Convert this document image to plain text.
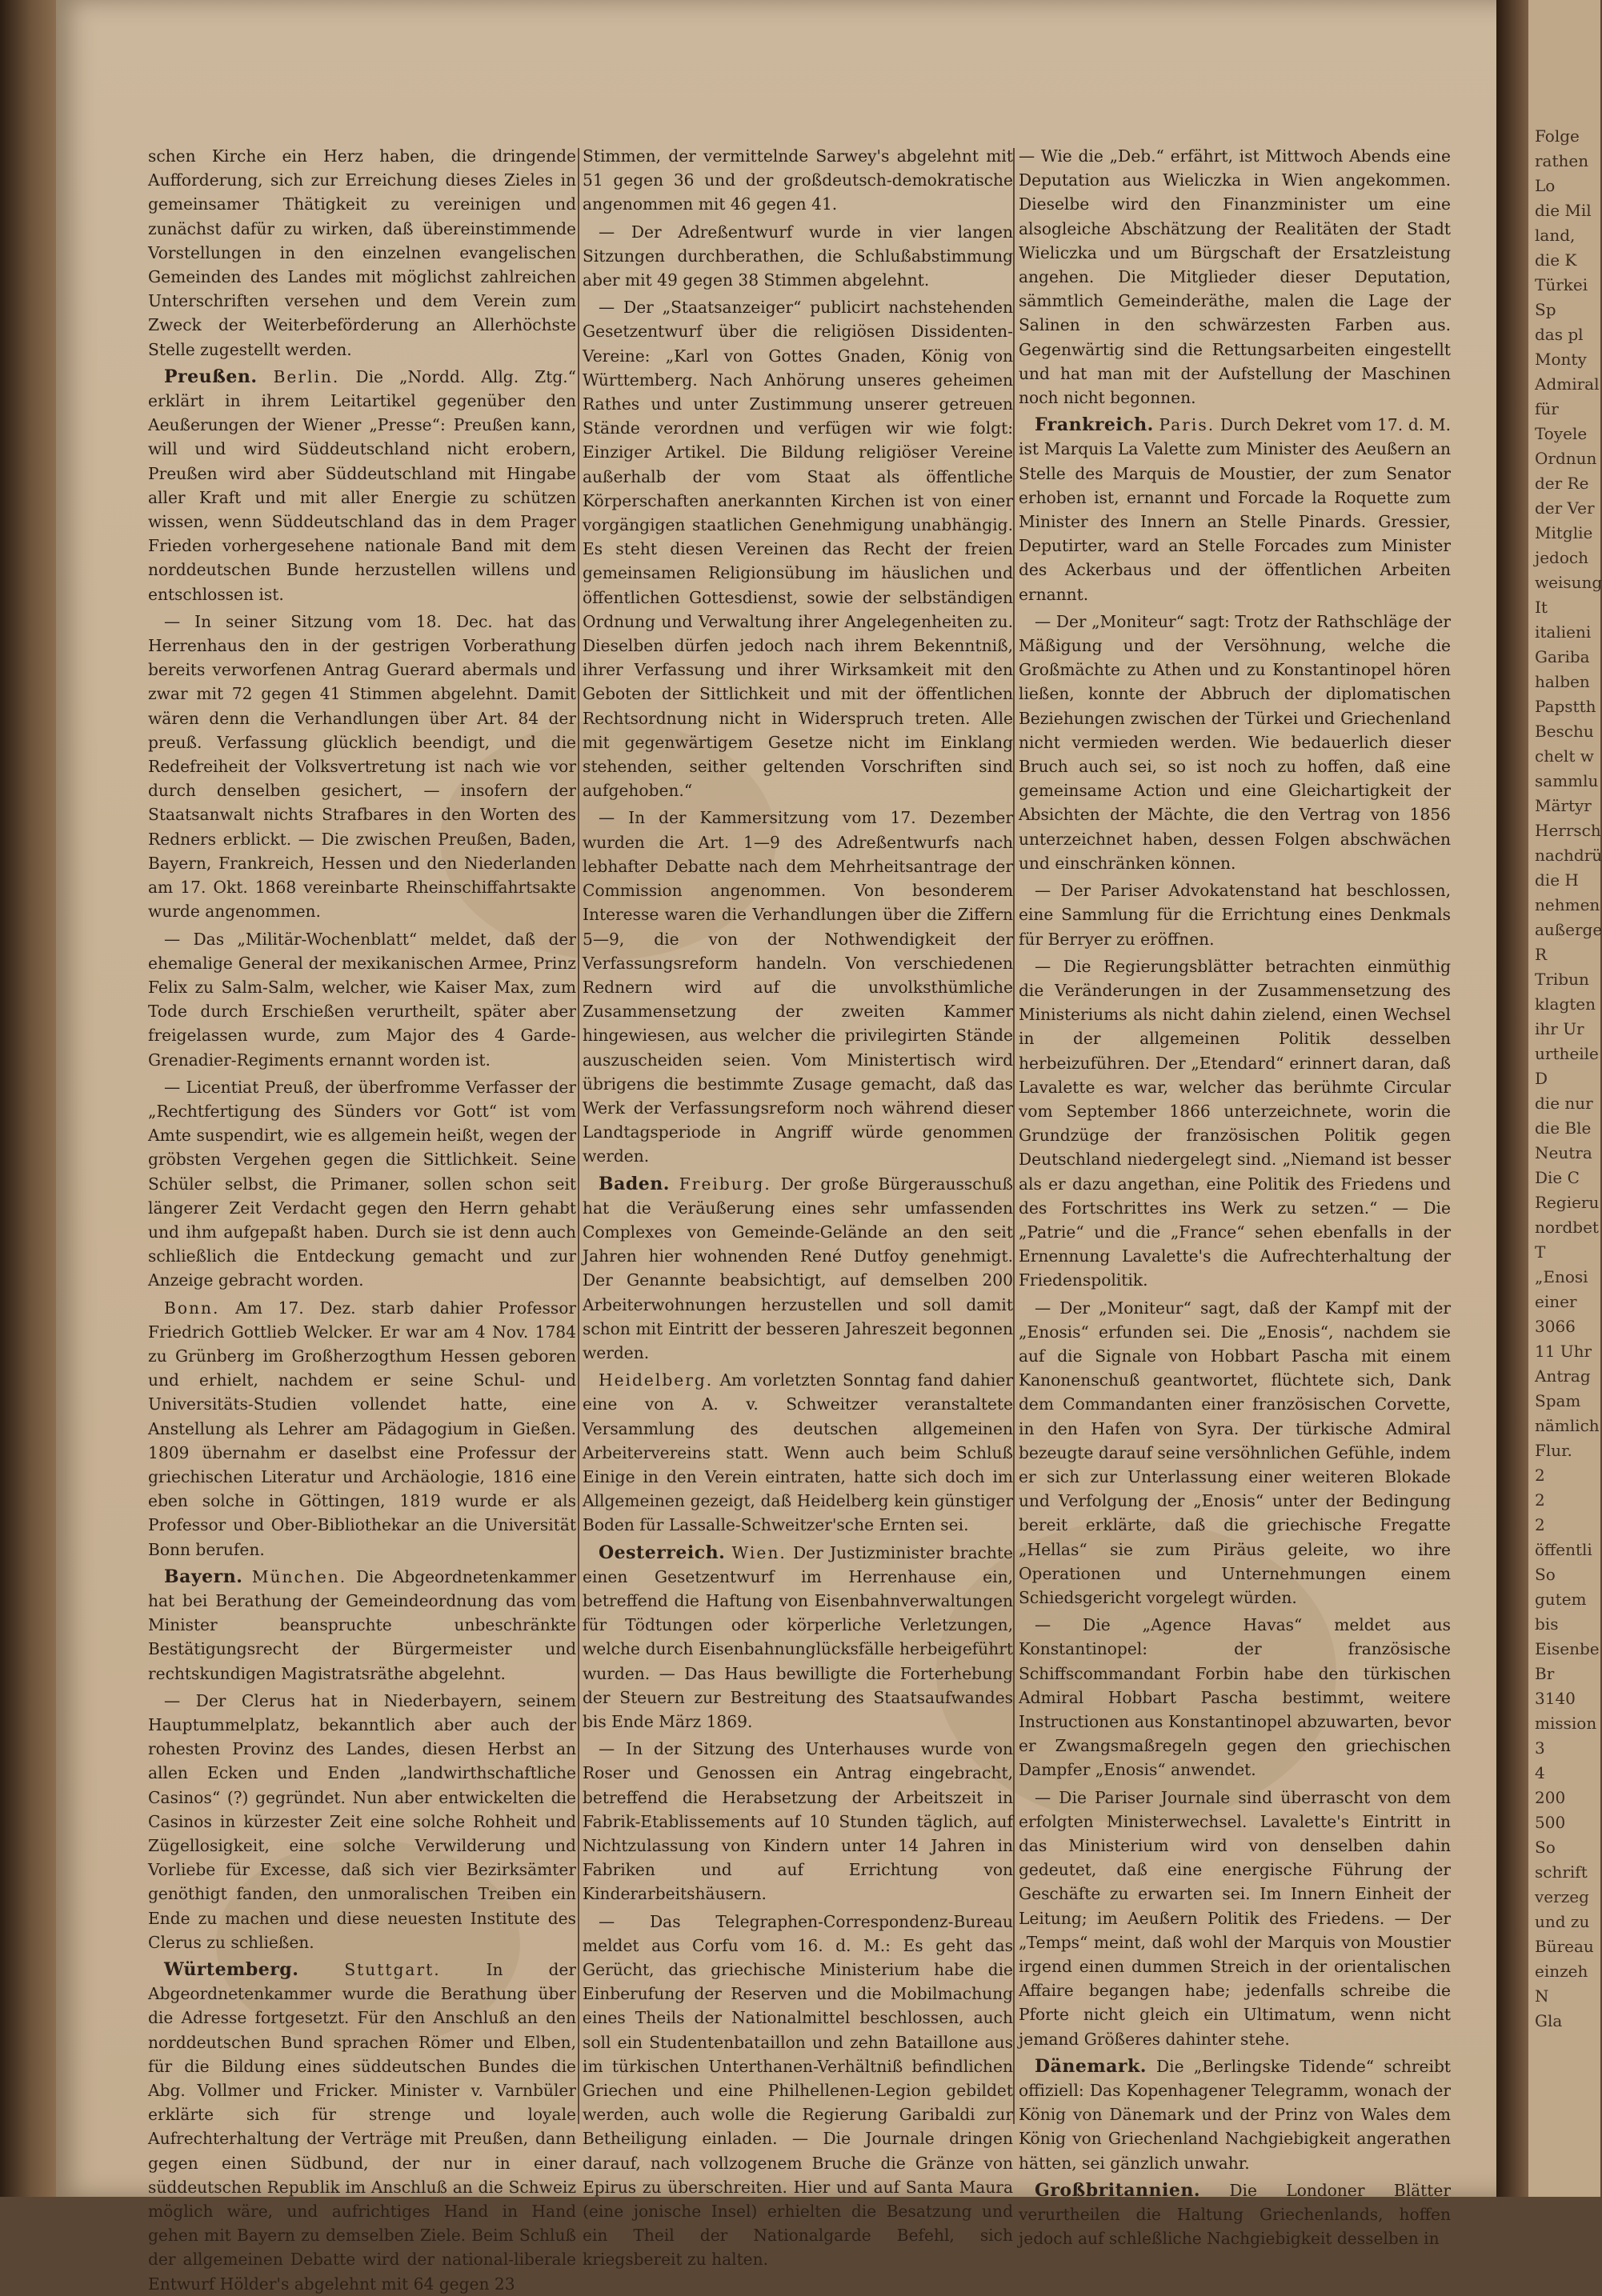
schen Kirche ein Herz haben, die dringende Aufforderung, sich zur Erreichung dieses Zieles in gemeinsamer Thätigkeit zu vereinigen und zunächst dafür zu wirken, daß übereinstimmende Vorstellungen in den einzelnen evangelischen Gemeinden des Landes mit möglichst zahlreichen Unterschriften versehen und dem Verein zum Zweck der Weiterbeförderung an Allerhöchste Stelle zugestellt werden.

Preußen. Berlin. Die „Nordd. Allg. Ztg.“ erklärt in ihrem Leitartikel gegenüber den Aeußerungen der Wiener „Presse“: Preußen kann, will und wird Süddeutschland nicht erobern, Preußen wird aber Süddeutschland mit Hingabe aller Kraft und mit aller Energie zu schützen wissen, wenn Süddeutschland das in dem Prager Frieden vorhergesehene nationale Band mit dem norddeutschen Bunde herzustellen willens und entschlossen ist.

— In seiner Sitzung vom 18. Dec. hat das Herrenhaus den in der gestrigen Vorberathung bereits verworfenen Antrag Guerard abermals und zwar mit 72 gegen 41 Stimmen abgelehnt. Damit wären denn die Verhandlungen über Art. 84 der preuß. Verfassung glücklich beendigt, und die Redefreiheit der Volksvertretung ist nach wie vor durch denselben gesichert, — insofern der Staatsanwalt nichts Strafbares in den Worten des Redners erblickt. — Die zwischen Preußen, Baden, Bayern, Frankreich, Hessen und den Niederlanden am 17. Okt. 1868 vereinbarte Rheinschiffahrtsakte wurde angenommen.

— Das „Militär-Wochenblatt“ meldet, daß der ehemalige General der mexikanischen Armee, Prinz Felix zu Salm-Salm, welcher, wie Kaiser Max, zum Tode durch Erschießen verurtheilt, später aber freigelassen wurde, zum Major des 4 Garde-Grenadier-Regiments ernannt worden ist.

— Licentiat Preuß, der überfromme Verfasser der „Rechtfertigung des Sünders vor Gott“ ist vom Amte suspendirt, wie es allgemein heißt, wegen der gröbsten Vergehen gegen die Sittlichkeit. Seine Schüler selbst, die Primaner, sollen schon seit längerer Zeit Verdacht gegen den Herrn gehabt und ihm aufgepaßt haben. Durch sie ist denn auch schließlich die Entdeckung gemacht und zur Anzeige gebracht worden.

Bonn. Am 17. Dez. starb dahier Professor Friedrich Gottlieb Welcker. Er war am 4 Nov. 1784 zu Grünberg im Großherzogthum Hessen geboren und erhielt, nachdem er seine Schul- und Universitäts-Studien vollendet hatte, eine Anstellung als Lehrer am Pädagogium in Gießen. 1809 übernahm er daselbst eine Professur der griechischen Literatur und Archäologie, 1816 eine eben solche in Göttingen, 1819 wurde er als Professor und Ober-Bibliothekar an die Universität Bonn berufen.

Bayern. München. Die Abgeordnetenkammer hat bei Berathung der Gemeindeordnung das vom Minister beanspruchte unbeschränkte Bestätigungsrecht der Bürgermeister und rechtskundigen Magistratsräthe abgelehnt.

— Der Clerus hat in Niederbayern, seinem Hauptummelplatz, bekanntlich aber auch der rohesten Provinz des Landes, diesen Herbst an allen Ecken und Enden „landwirthschaftliche Casinos“ (?) gegründet. Nun aber entwickelten die Casinos in kürzester Zeit eine solche Rohheit und Zügellosigkeit, eine solche Verwilderung und Vorliebe für Excesse, daß sich vier Bezirksämter genöthigt fanden, den unmoralischen Treiben ein Ende zu machen und diese neuesten Institute des Clerus zu schließen.

Würtemberg.	Stuttgart.	In der Abgeordnetenkammer wurde die Berathung über die Adresse fortgesetzt. Für den Anschluß an den norddeutschen Bund sprachen Römer und Elben, für die Bildung eines süddeutschen Bundes die Abg. Vollmer und Fricker. Minister v. Varnbüler erklärte sich für strenge und loyale Aufrechterhaltung der Verträge mit Preußen, dann gegen einen Südbund, der nur in einer süddeutschen Republik im Anschluß an die Schweiz möglich wäre, und aufrichtiges Hand in Hand gehen mit Bayern zu demselben Ziele. Beim Schluß der allgemeinen Debatte wird der national-liberale Entwurf Hölder's abgelehnt mit 64 gegen 23

Stimmen, der vermittelnde Sarwey's abgelehnt mit 51 gegen 36 und der großdeutsch-demokratische angenommen mit 46 gegen 41.

— Der Adreßentwurf wurde in vier langen Sitzungen durchberathen, die Schlußabstimmung aber mit 49 gegen 38 Stimmen abgelehnt.

— Der „Staatsanzeiger“ publicirt nachstehenden Gesetzentwurf über die religiösen Dissidenten-Vereine: „Karl von Gottes Gnaden, König von Württemberg. Nach Anhörung unseres geheimen Rathes und unter Zustimmung unserer getreuen Stände verordnen und verfügen wir wie folgt: Einziger Artikel. Die Bildung religiöser Vereine außerhalb der vom Staat als öffentliche Körperschaften anerkannten Kirchen ist von einer vorgängigen staatlichen Genehmigung unabhängig. Es steht diesen Vereinen das Recht der freien gemeinsamen Religionsübung im häuslichen und öffentlichen Gottesdienst, sowie der selbständigen Ordnung und Verwaltung ihrer Angelegenheiten zu. Dieselben dürfen jedoch nach ihrem Bekenntniß, ihrer Verfassung und ihrer Wirksamkeit mit den Geboten der Sittlichkeit und mit der öffentlichen Rechtsordnung nicht in Widerspruch treten. Alle mit gegenwärtigem Gesetze nicht im Einklang stehenden, seither geltenden Vorschriften sind aufgehoben.“

— In der Kammersitzung vom 17. Dezember wurden die Art. 1—9 des Adreßentwurfs nach lebhafter Debatte nach dem Mehrheitsantrage der Commission angenommen. Von besonderem Interesse waren die Verhandlungen über die Ziffern 5—9, die von der Nothwendigkeit der Verfassungsreform handeln. Von verschiedenen Rednern wird auf die unvolksthümliche Zusammensetzung der zweiten Kammer hingewiesen, aus welcher die privilegirten Stände auszuscheiden seien. Vom Ministertisch wird übrigens die bestimmte Zusage gemacht, daß das Werk der Verfassungsreform noch während dieser Landtagsperiode in Angriff würde genommen werden.

Baden. Freiburg. Der große Bürgerausschuß hat die Veräußerung eines sehr umfassenden Complexes von Gemeinde-Gelände an den seit Jahren hier wohnenden René Dutfoy genehmigt. Der Genannte beabsichtigt, auf demselben 200 Arbeiterwohnungen herzustellen und soll damit schon mit Eintritt der besseren Jahreszeit begonnen werden.

Heidelberg. Am vorletzten Sonntag fand dahier eine von A. v. Schweitzer veranstaltete Versammlung des deutschen allgemeinen Arbeitervereins statt. Wenn auch beim Schluß Einige in den Verein eintraten, hatte sich doch im Allgemeinen gezeigt, daß Heidelberg kein günstiger Boden für Lassalle-Schweitzer'sche Ernten sei.

Oesterreich. Wien. Der Justizminister brachte einen Gesetzentwurf im Herrenhause ein, betreffend die Haftung von Eisenbahnverwaltungen für Tödtungen oder körperliche Verletzungen, welche durch Eisenbahnunglücksfälle herbeigeführt wurden. — Das Haus bewilligte die Forterhebung der Steuern zur Bestreitung des Staatsaufwandes bis Ende März 1869.

— In der Sitzung des Unterhauses wurde von Roser und Genossen ein Antrag eingebracht, betreffend die Herabsetzung der Arbeitszeit in Fabrik-Etablissements auf 10 Stunden täglich, auf Nichtzulassung von Kindern unter 14 Jahren in Fabriken und auf Errichtung von Kinderarbeitshäusern.

— Das Telegraphen-Correspondenz-Bureau meldet aus Corfu vom 16. d. M.: Es geht das Gerücht, das griechische Ministerium habe die Einberufung der Reserven und die Mobilmachung eines Theils der Nationalmittel beschlossen, auch soll ein Studentenbataillon und zehn Bataillone aus im türkischen Unterthanen-Verhältniß befindlichen Griechen und eine Philhellenen-Legion gebildet werden, auch wolle die Regierung Garibaldi zur Betheiligung einladen. — Die Journale dringen darauf, nach vollzogenem Bruche die Gränze von Epirus zu überschreiten. Hier und auf Santa Maura (eine jonische Insel) erhielten die Besatzung und ein Theil der Nationalgarde Befehl, sich kriegsbereit zu halten.

— Wie die „Deb.“ erfährt, ist Mittwoch Abends eine Deputation aus Wieliczka in Wien angekommen. Dieselbe wird den Finanzminister um eine alsogleiche Abschätzung der Realitäten der Stadt Wieliczka und um Bürgschaft der Ersatzleistung angehen. Die Mitglieder dieser Deputation, sämmtlich Gemeinderäthe, malen die Lage der Salinen in den schwärzesten Farben aus. Gegenwärtig sind die Rettungsarbeiten eingestellt und hat man mit der Aufstellung der Maschinen noch nicht begonnen.

Frankreich. Paris. Durch Dekret vom 17. d. M. ist Marquis La Valette zum Minister des Aeußern an Stelle des Marquis de Moustier, der zum Senator erhoben ist, ernannt und Forcade la Roquette zum Minister des Innern an Stelle Pinards. Gressier, Deputirter, ward an Stelle Forcades zum Minister des Ackerbaus und der öffentlichen Arbeiten ernannt.

— Der „Moniteur“ sagt: Trotz der Rathschläge der Mäßigung und der Versöhnung, welche die Großmächte zu Athen und zu Konstantinopel hören ließen, konnte der Abbruch der diplomatischen Beziehungen zwischen der Türkei und Griechenland nicht vermieden werden. Wie bedauerlich dieser Bruch auch sei, so ist noch zu hoffen, daß eine gemeinsame Action und eine Gleichartigkeit der Absichten der Mächte, die den Vertrag von 1856 unterzeichnet haben, dessen Folgen abschwächen und einschränken können.

— Der Pariser Advokatenstand hat beschlossen, eine Sammlung für die Errichtung eines Denkmals für Berryer zu eröffnen.

— Die Regierungsblätter betrachten einmüthig die Veränderungen in der Zusammensetzung des Ministeriums als nicht dahin zielend, einen Wechsel in der allgemeinen Politik desselben herbeizuführen. Der „Etendard“ erinnert daran, daß Lavalette es war, welcher das berühmte Circular vom September 1866 unterzeichnete, worin die Grundzüge der französischen Politik gegen Deutschland niedergelegt sind. „Niemand ist besser als er dazu angethan, eine Politik des Friedens und des Fortschrittes ins Werk zu setzen.“ — Die „Patrie“ und die „France“ sehen ebenfalls in der Ernennung Lavalette's die Aufrechterhaltung der Friedenspolitik.

— Der „Moniteur“ sagt, daß der Kampf mit der „Enosis“ erfunden sei. Die „Enosis“, nachdem sie auf die Signale von Hobbart Pascha mit einem Kanonenschuß geantwortet, flüchtete sich, Dank dem Commandanten einer französischen Corvette, in den Hafen von Syra. Der türkische Admiral bezeugte darauf seine versöhnlichen Gefühle, indem er sich zur Unterlassung einer weiteren Blokade und Verfolgung der „Enosis“ unter der Bedingung bereit erklärte, daß die griechische Fregatte „Hellas“ sie zum Piräus geleite, wo ihre Operationen und Unternehmungen einem Schiedsgericht vorgelegt würden.

— Die „Agence Havas“ meldet aus Konstantinopel: der französische Schiffscommandant Forbin habe den türkischen Admiral Hobbart Pascha bestimmt, weitere Instructionen aus Konstantinopel abzuwarten, bevor er Zwangsmaßregeln gegen den griechischen Dampfer „Enosis“ anwendet.

— Die Pariser Journale sind überrascht von dem erfolgten Ministerwechsel. Lavalette's Eintritt in das Ministerium wird von denselben dahin gedeutet, daß eine energische Führung der Geschäfte zu erwarten sei. Im Innern Einheit der Leitung; im Aeußern Politik des Friedens. — Der „Temps“ meint, daß wohl der Marquis von Moustier irgend einen dummen Streich in der orientalischen Affaire begangen habe; jedenfalls schreibe die Pforte nicht gleich ein Ultimatum, wenn nicht jemand Größeres dahinter stehe.

Dänemark. Die „Berlingske Tidende“ schreibt offiziell: Das Kopenhagener Telegramm, wonach der König von Dänemark und der Prinz von Wales dem König von Griechenland Nachgiebigkeit angerathen hätten, sei gänzlich unwahr.

Großbritannien. Die Londoner Blätter verurtheilen die Haltung Griechenlands, hoffen jedoch auf schleßliche Nachgiebigkeit desselben in

Folge
rathen
Lo
die Mil
land,
die K
Türkei
Sp
das pl
Monty
Admiral
für
Toyele
Ordnun
der Re
der Ver
Mitglie
jedoch
weisung
It
italieni
Gariba
halben
Papstth
Beschu
chelt w
sammlu
Märtyr
Herrsch
nachdrü
die H
nehmen
außerge
R
Tribun
klagten
ihr Ur
urtheile
D
die nur
die Ble
Neutra
Die C
Regieru
nordbet
T
„Enosi
einer
3066
11 Uhr
Antrag
Spam
nämlich
Flur.
2
2
2
öffentli
So
gutem
bis
Eisenbe
Br
3140
mission
3
4
200
500
So
schrift
verzeg
und zu
Büreau
einzeh
N
Gla
